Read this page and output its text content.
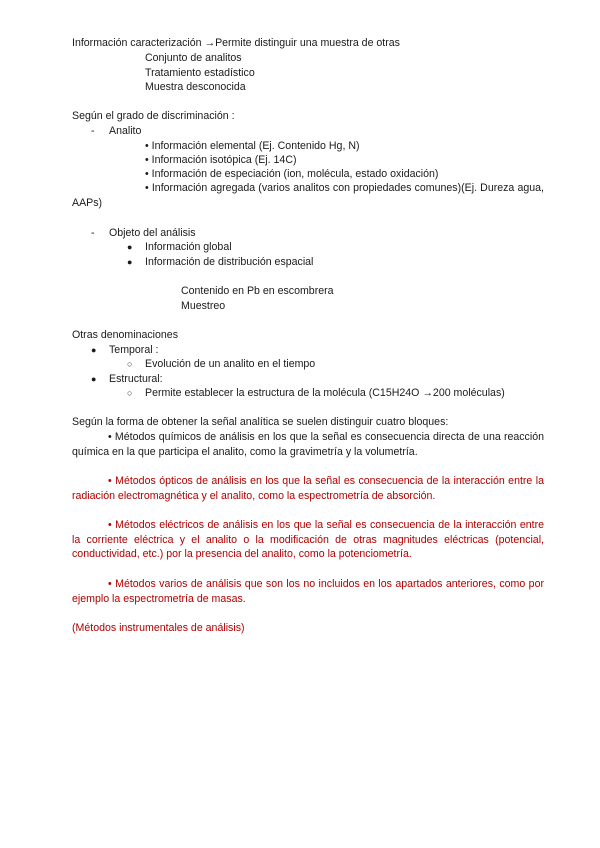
Información caracterización →Permite distinguir una muestra de otras
Conjunto de analitos
Tratamiento estadístico
Muestra desconocida
Según el grado de discriminación :
- Analito
• Información elemental (Ej. Contenido Hg, N)
• Información isotópica (Ej. 14C)
• Información de especiación (ion, molécula, estado oxidación)
• Información agregada (varios analitos con propiedades comunes)(Ej. Dureza agua, AAPs)
- Objeto del análisis
● Información global
● Información de distribución espacial
Contenido en Pb en escombrera
Muestreo
Otras denominaciones
● Temporal :
○ Evolución de un analito en el tiempo
● Estructural:
○ Permite establecer la estructura de la molécula (C15H24O →200 moléculas)
Según la forma de obtener la señal analítica se suelen distinguir cuatro bloques:
• Métodos químicos de análisis en los que la señal es consecuencia directa de una reacción química en la que participa el analito, como la gravimetría y la volumetría.
• Métodos ópticos de análisis en los que la señal es consecuencia de la interacción entre la radiación electromagnética y el analito, como la espectrometría de absorción.
• Métodos eléctricos de análisis en los que la señal es consecuencia de la interacción entre la corriente eléctrica y el analito o la modificación de otras magnitudes eléctricas (potencial, conductividad, etc.) por la presencia del analito, como la potenciometría.
• Métodos varios de análisis que son los no incluidos en los apartados anteriores, como por ejemplo la espectrometría de masas.
(Métodos instrumentales de análisis)
